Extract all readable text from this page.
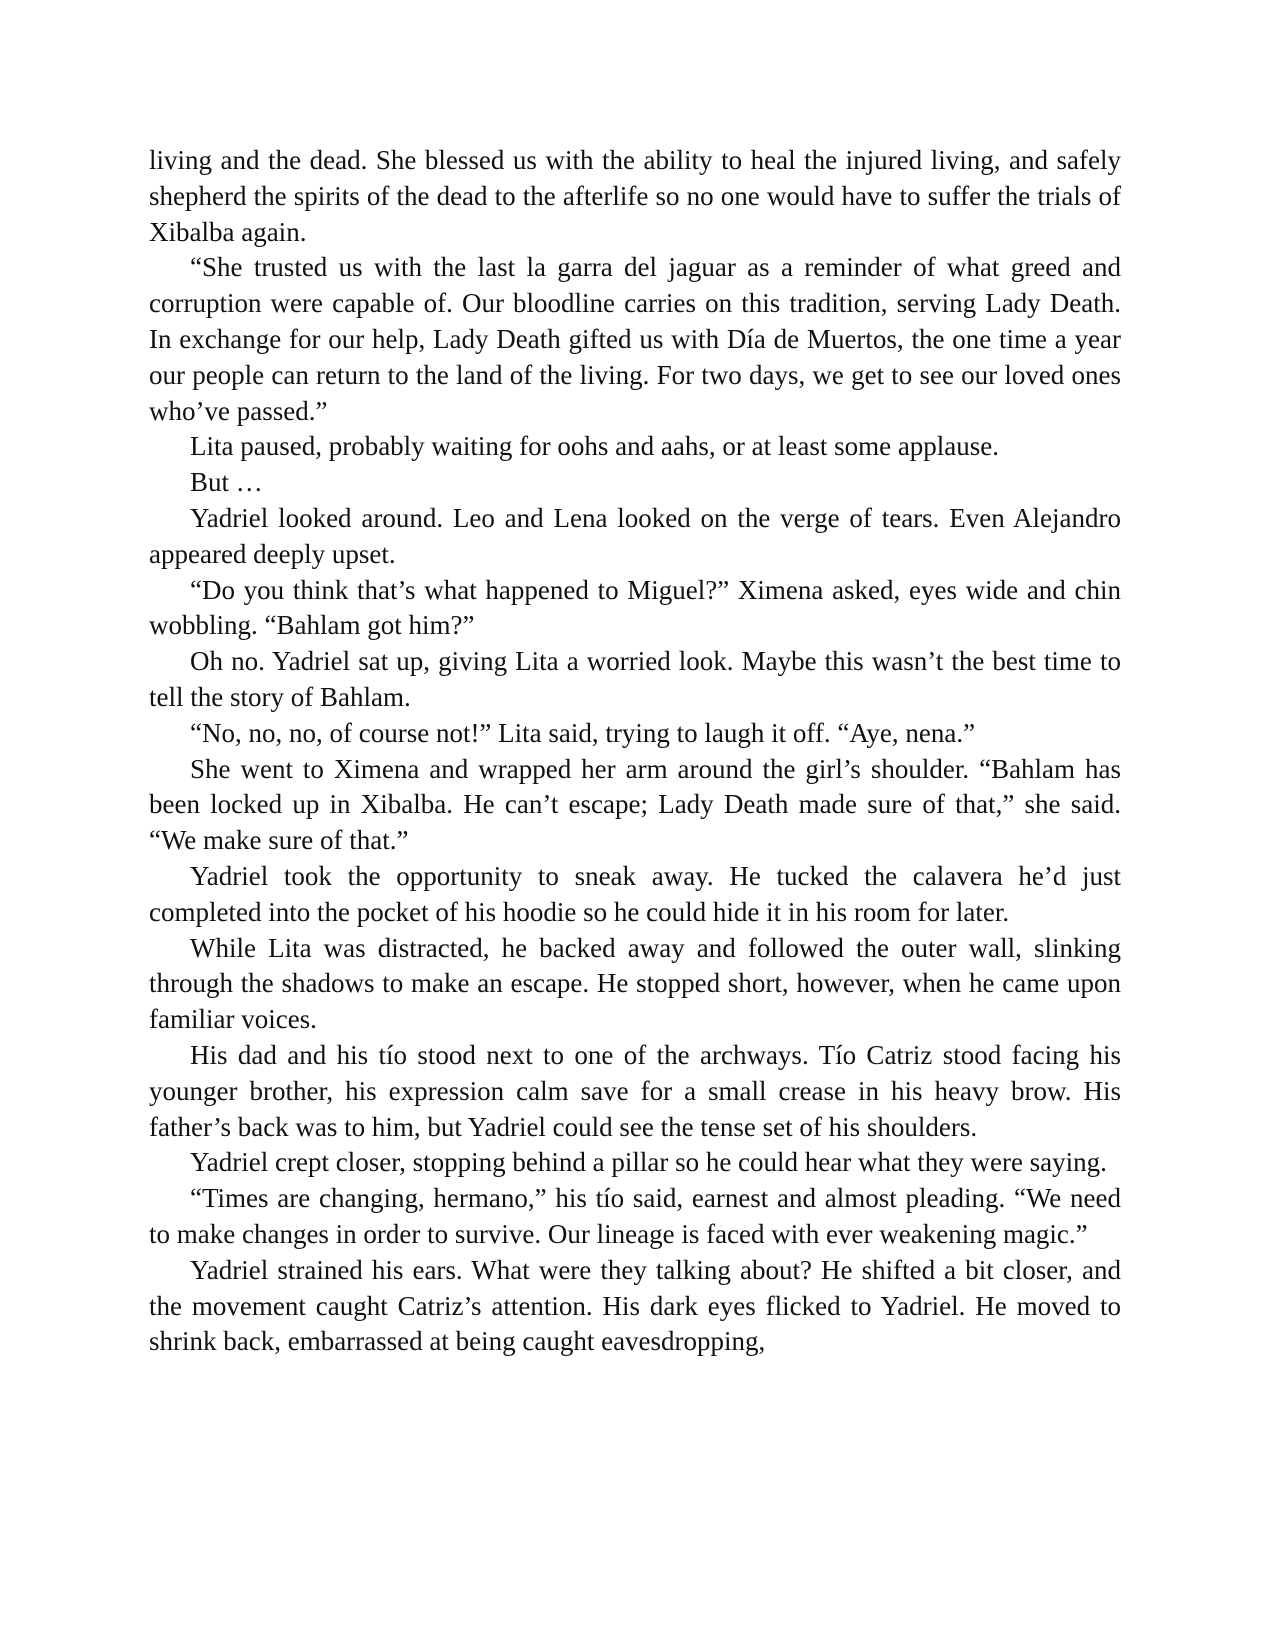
living and the dead. She blessed us with the ability to heal the injured living, and safely shepherd the spirits of the dead to the afterlife so no one would have to suffer the trials of Xibalba again.

“She trusted us with the last la garra del jaguar as a reminder of what greed and corruption were capable of. Our bloodline carries on this tradition, serving Lady Death. In exchange for our help, Lady Death gifted us with Día de Muertos, the one time a year our people can return to the land of the living. For two days, we get to see our loved ones who’ve passed.”

Lita paused, probably waiting for oohs and aahs, or at least some applause.

But …

Yadriel looked around. Leo and Lena looked on the verge of tears. Even Alejandro appeared deeply upset.

“Do you think that’s what happened to Miguel?” Ximena asked, eyes wide and chin wobbling. “Bahlam got him?”

Oh no. Yadriel sat up, giving Lita a worried look. Maybe this wasn’t the best time to tell the story of Bahlam.

“No, no, no, of course not!” Lita said, trying to laugh it off. “Aye, nena.”

She went to Ximena and wrapped her arm around the girl’s shoulder. “Bahlam has been locked up in Xibalba. He can’t escape; Lady Death made sure of that,” she said. “We make sure of that.”

Yadriel took the opportunity to sneak away. He tucked the calavera he’d just completed into the pocket of his hoodie so he could hide it in his room for later.

While Lita was distracted, he backed away and followed the outer wall, slinking through the shadows to make an escape. He stopped short, however, when he came upon familiar voices.

His dad and his tío stood next to one of the archways. Tío Catriz stood facing his younger brother, his expression calm save for a small crease in his heavy brow. His father’s back was to him, but Yadriel could see the tense set of his shoulders.

Yadriel crept closer, stopping behind a pillar so he could hear what they were saying.

“Times are changing, hermano,” his tío said, earnest and almost pleading. “We need to make changes in order to survive. Our lineage is faced with ever weakening magic.”

Yadriel strained his ears. What were they talking about? He shifted a bit closer, and the movement caught Catriz’s attention. His dark eyes flicked to Yadriel. He moved to shrink back, embarrassed at being caught eavesdropping,
